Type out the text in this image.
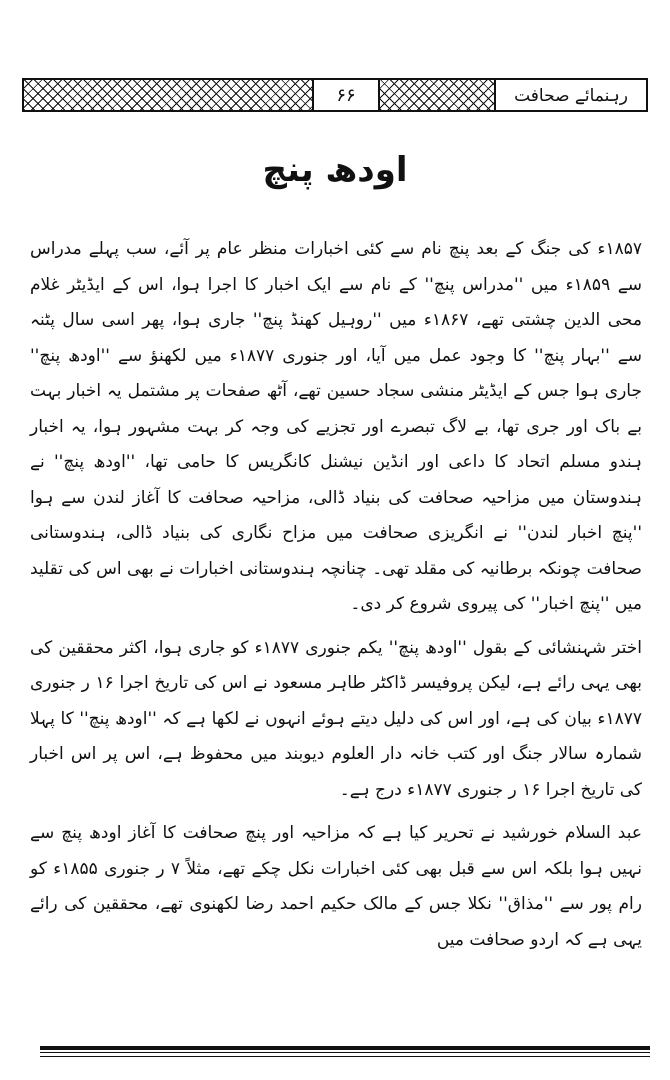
۶۶	رہنمائے صحافت
اودھ پنچ

۱۸۵۷ء کی جنگ کے بعد پنچ نام سے کئی اخبارات منظر عام پر آئے، سب پہلے مدراس سے ۱۸۵۹ء میں ''مدراس پنچ'' کے نام سے ایک اخبار کا اجرا ہوا، اس کے ایڈیٹر غلام محی الدین چشتی تھے، ۱۸۶۷ء میں ''روہیل کھنڈ پنچ'' جاری ہوا، پھر اسی سال پٹنہ سے ''بہار پنچ'' کا وجود عمل میں آیا، اور جنوری ۱۸۷۷ء میں لکھنؤ سے ''اودھ پنچ'' جاری ہوا جس کے ایڈیٹر منشی سجاد حسین تھے، آٹھ صفحات پر مشتمل یہ اخبار بہت بے باک اور جری تھا، بے لاگ تبصرے اور تجزیے کی وجہ کر بہت مشہور ہوا، یہ اخبار ہندو مسلم اتحاد کا داعی اور انڈین نیشنل کانگریس کا حامی تھا، ''اودھ پنچ'' نے ہندوستان میں مزاحیہ صحافت کی بنیاد ڈالی، مزاحیہ صحافت کا آغاز لندن سے ہوا ''پنچ اخبار لندن'' نے انگریزی صحافت میں مزاح نگاری کی بنیاد ڈالی، ہندوستانی صحافت چونکہ برطانیہ کی مقلد تھی۔ چنانچہ ہندوستانی اخبارات نے بھی اس کی تقلید میں ''پنچ اخبار'' کی پیروی شروع کر دی۔

اختر شہنشائی کے بقول ''اودھ پنچ'' یکم جنوری ۱۸۷۷ء کو جاری ہوا، اکثر محققین کی بھی یہی رائے ہے، لیکن پروفیسر ڈاکٹر طاہر مسعود نے اس کی تاریخ اجرا ۱۶ ر جنوری ۱۸۷۷ء بیان کی ہے، اور اس کی دلیل دیتے ہوئے انہوں نے لکھا ہے کہ ''اودھ پنچ'' کا پہلا شمارہ سالار جنگ اور کتب خانہ دار العلوم دیوبند میں محفوظ ہے، اس پر اس اخبار کی تاریخ اجرا ۱۶ ر جنوری ۱۸۷۷ء درج ہے۔

عبد السلام خورشید نے تحریر کیا ہے کہ مزاحیہ اور پنچ صحافت کا آغاز اودھ پنچ سے نہیں ہوا بلکہ اس سے قبل بھی کئی اخبارات نکل چکے تھے، مثلاً ۷ ر جنوری ۱۸۵۵ء کو رام پور سے ''مذاق'' نکلا جس کے مالک حکیم احمد رضا لکھنوی تھے، محققین کی رائے یہی ہے کہ اردو صحافت میں
